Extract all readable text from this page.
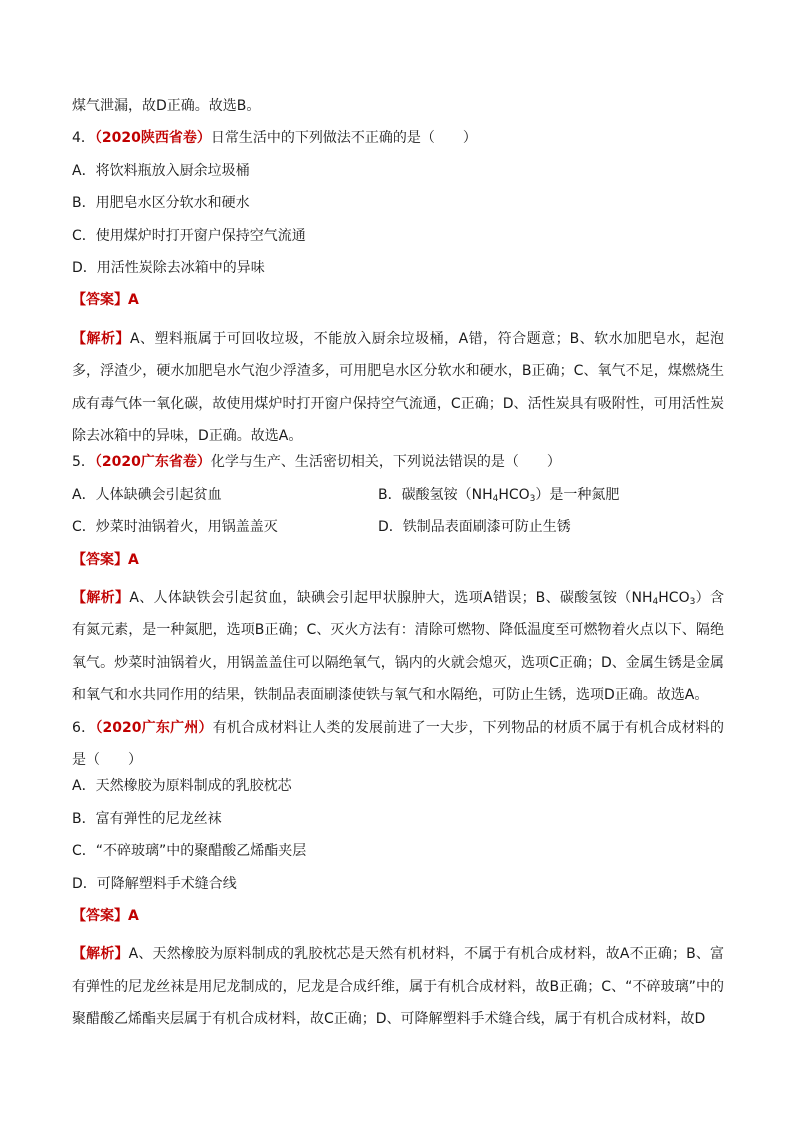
煤气泄漏，故D正确。故选B。
4．（2020陕西省卷）日常生活中的下列做法不正确的是（　　）
A．将饮料瓶放入厨余垃圾桶
B．用肥皂水区分软水和硬水
C．使用煤炉时打开窗户保持空气流通
D．用活性炭除去冰箱中的异味
【答案】A
【解析】A、塑料瓶属于可回收垃圾，不能放入厨余垃圾桶，A错，符合题意；B、软水加肥皂水，起泡多，浮渣少，硬水加肥皂水气泡少浮渣多，可用肥皂水区分软水和硬水，B正确；C、氧气不足，煤燃烧生成有毒气体一氧化碳，故使用煤炉时打开窗户保持空气流通，C正确；D、活性炭具有吸附性，可用活性炭除去冰箱中的异味，D正确。故选A。
5．（2020广东省卷）化学与生产、生活密切相关，下列说法错误的是（　　）
A．人体缺碘会引起贫血	B．碳酸氢铵$(NH_4HCO_3)$是一种氮肥
C．炒菜时油锅着火，用锅盖盖灭	D．铁制品表面刷漆可防止生锈
【答案】A
【解析】A、人体缺铁会引起贫血，缺碘会引起甲状腺肿大，选项A错误；B、碳酸氢铵$(NH_4HCO_3)$含有氮元素，是一种氮肥，选项B正确；C、灭火方法有：清除可燃物、降低温度至可燃物着火点以下、隔绝氧气。炒菜时油锅着火，用锅盖盖住可以隔绝氧气，锅内的火就会熄灭，选项C正确；D、金属生锈是金属和氧气和水共同作用的结果，铁制品表面刷漆使铁与氧气和水隔绝，可防止生锈，选项D正确。故选A。
6．（2020广东广州）有机合成材料让人类的发展前进了一大步，下列物品的材质不属于有机合成材料的是（　　）
A．天然橡胶为原料制成的乳胶枕芯
B．富有弹性的尼龙丝袜
C．“不碎玻璃”中的聚醋酸乙烯酯夹层
D．可降解塑料手术缝合线
【答案】A
【解析】A、天然橡胶为原料制成的乳胶枕芯是天然有机材料，不属于有机合成材料，故A不正确；B、富有弹性的尼龙丝袜是用尼龙制成的，尼龙是合成纤维，属于有机合成材料，故B正确；C、“不碎玻璃”中的聚醋酸乙烯酯夹层属于有机合成材料，故C正确；D、可降解塑料手术缝合线，属于有机合成材料，故D
